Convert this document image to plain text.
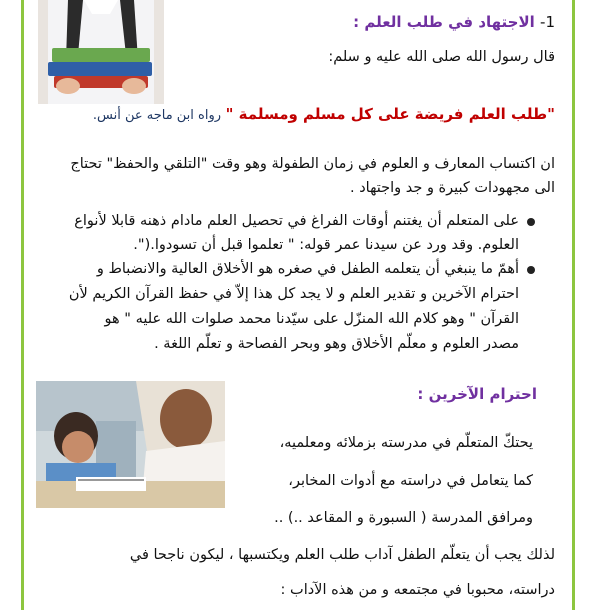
1- الاجتهاد في طلب العلم :
قال رسول الله صلى الله عليه و سلم:
"طلب العلم فريضة على كل مسلم ومسلمة " رواه ابن ماجه عن أنس.
ان اكتساب المعارف و العلوم في زمان الطفولة وهو وقت "التلقي والحفظ" تحتاج
الى مجهودات كبيرة و جد واجتهاد .
على المتعلم أن يغتنم أوقات الفراغ في تحصيل العلم مادام ذهنه قابلا لأنواع
العلوم. وقد ورد عن سيدنا عمر قوله: " تعلموا قبل أن تسودوا.(".
أهمّ ما ينبغي أن يتعلمه الطفل في صغره هو الأخلاق العالية والانضباط و
احترام الآخرين و تقدير العلم و لا يجد كل هذا إلاّ في حفظ القرآن الكريم لأن
القرآن " وهو كلام الله المنزّل على سيّدنا محمد صلوات الله عليه " هو
مصدر العلوم و معلّم الأخلاق وهو وبحر الفصاحة و تعلّم اللغة .
احترام الآخرين :
يحتكّ المتعلّم في مدرسته بزملائه ومعلميه،
كما يتعامل في دراسته مع أدوات المخابر،
ومرافق المدرسة ( السبورة و المقاعد ..) ..
لذلك يجب أن يتعلّم الطفل آداب طلب العلم ويكتسبها ، ليكون ناجحا في
دراسته، محبوبا في مجتمعه و من هذه الآداب :
